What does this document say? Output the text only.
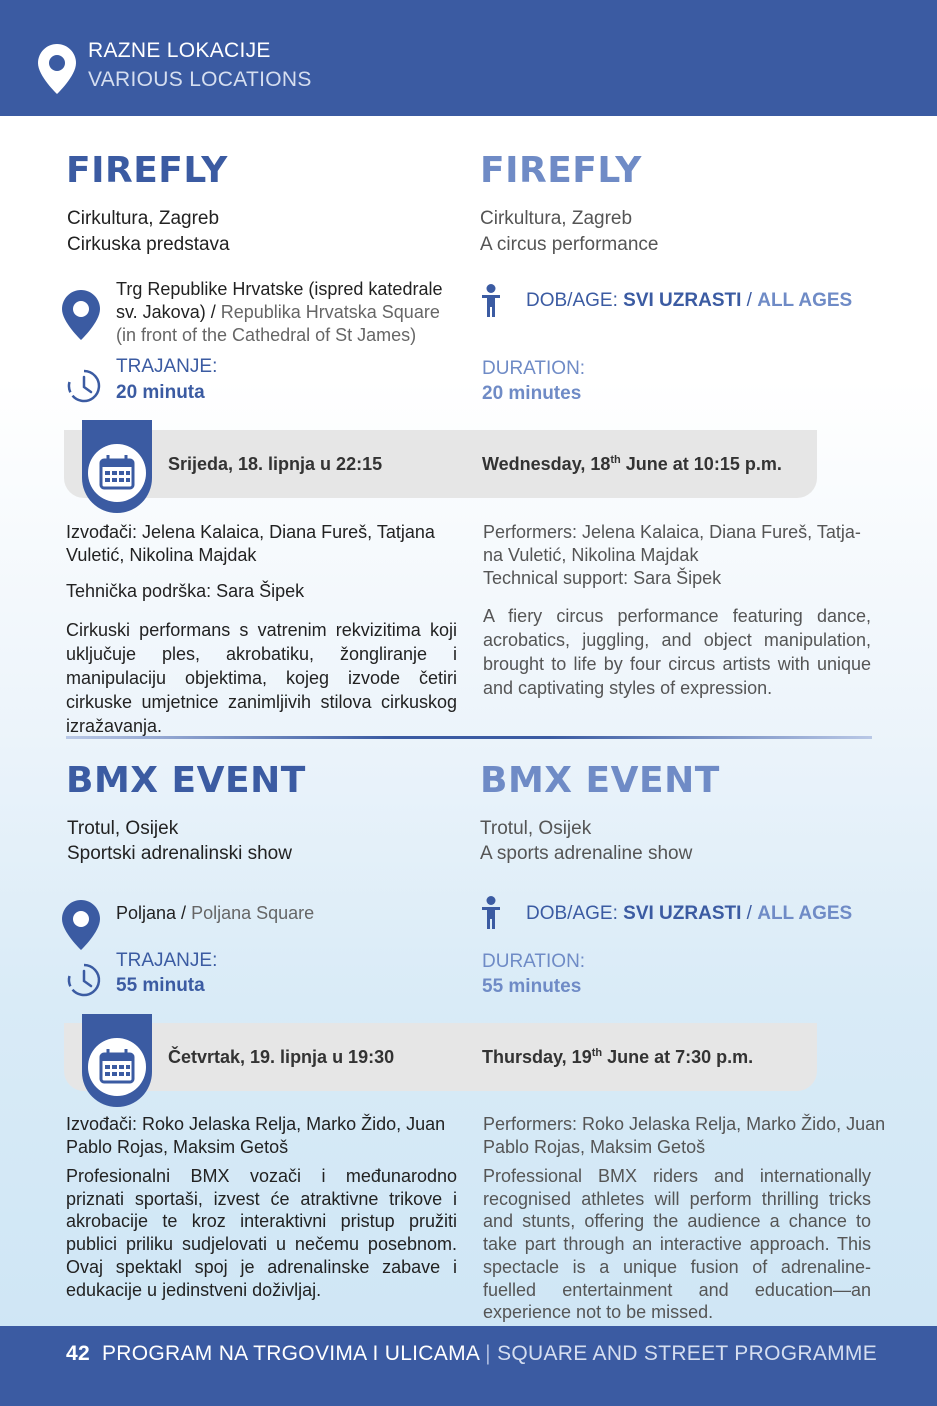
RAZNE LOKACIJE
VARIOUS LOCATIONS
FIREFLY	FIREFLY
Cirkultura, Zagreb
Cirkuska predstava
Cirkultura, Zagreb
A circus performance
Trg Republike Hrvatske (ispred katedrale
sv. Jakova) / Republika Hrvatska Square
(in front of the Cathedral of St James)
DOB/AGE: SVI UZRASTI / ALL AGES
TRAJANJE:
20 minuta
DURATION:
20 minutes
Srijeda, 18. lipnja u 22:15	Wednesday, 18th June at 10:15 p.m.
Izvođači: Jelena Kalaica, Diana Fureš, Tatjana
Vuletić, Nikolina Majdak
Tehnička podrška: Sara Šipek
Performers: Jelena Kalaica, Diana Fureš, Tatja-
na Vuletić, Nikolina Majdak
Technical support: Sara Šipek
Cirkuski performans s vatrenim rekvizitima koji uključuje ples, akrobatiku, žongliranje i manipulaciju objektima, kojeg izvode četiri cirkuske umjetnice zanimljivih stilova cirkuskog izražavanja.
A fiery circus performance featuring dance, acrobatics, juggling, and object manipulation, brought to life by four circus artists with unique and captivating styles of expression.
BMX EVENT	BMX EVENT
Trotul, Osijek
Sportski adrenalinski show
Trotul, Osijek
A sports adrenaline show
Poljana / Poljana Square	DOB/AGE: SVI UZRASTI / ALL AGES
TRAJANJE:
55 minuta
DURATION:
55 minutes
Četvrtak, 19. lipnja u 19:30	Thursday, 19th June at 7:30 p.m.
Izvođači: Roko Jelaska Relja, Marko Žido, Juan
Pablo Rojas, Maksim Getoš
Performers: Roko Jelaska Relja, Marko Žido, Juan
Pablo Rojas, Maksim Getoš
Profesionalni BMX vozači i međunarodno priznati sportaši, izvest će atraktivne trikove i akrobacije te kroz interaktivni pristup pružiti publici priliku sudjelovati u nečemu posebnom. Ovaj spektakl spoj je adrenalinske zabave i edukacije u jedinstveni doživljaj.
Professional BMX riders and internationally recognised athletes will perform thrilling tricks and stunts, offering the audience a chance to take part through an interactive approach. This spectacle is a unique fusion of adrenaline-fuelled entertainment and education—an experience not to be missed.
42 PROGRAM NA TRGOVIMA I ULICAMA | SQUARE AND STREET PROGRAMME
